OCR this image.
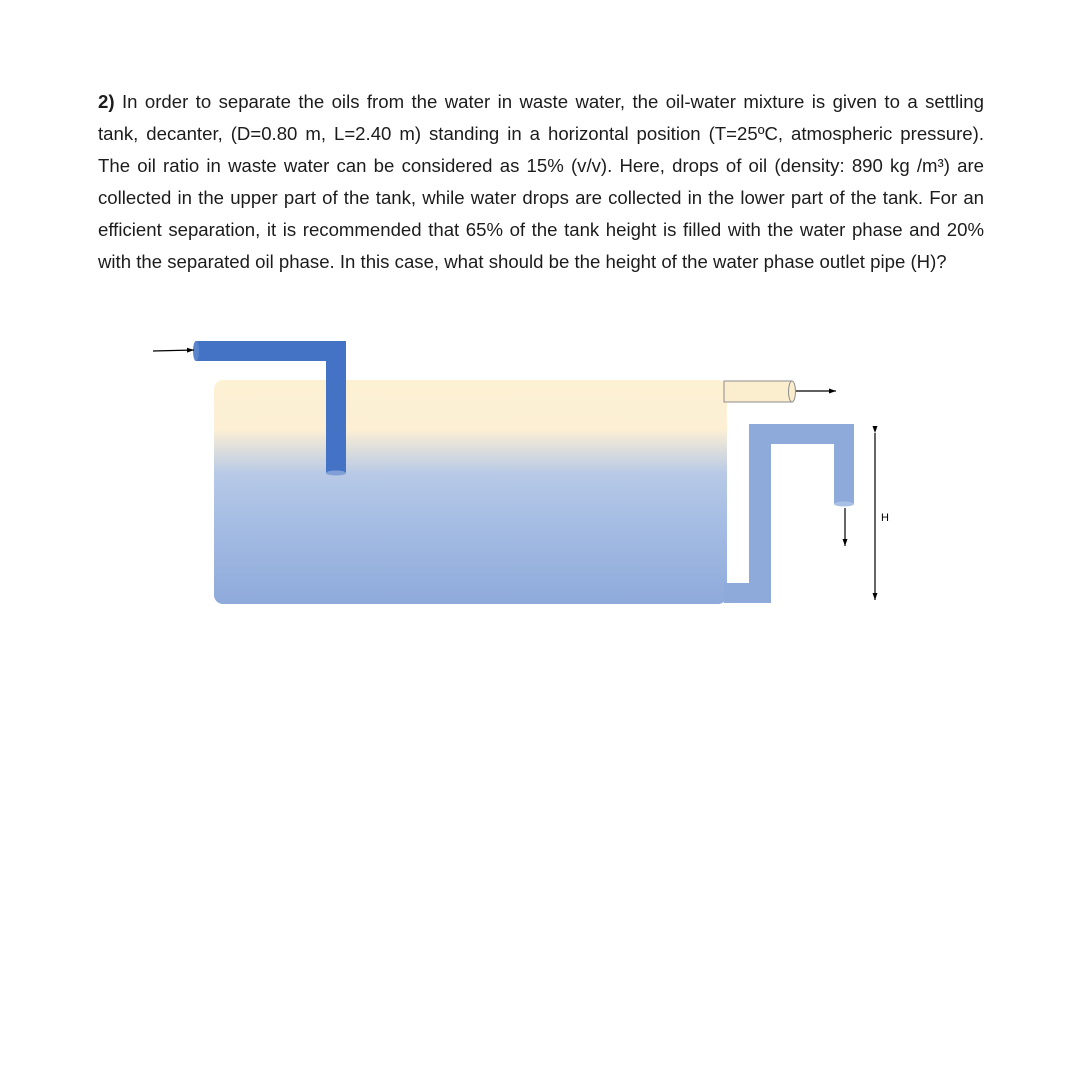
2) In order to separate the oils from the water in waste water, the oil-water mixture is given to a settling tank, decanter, (D=0.80 m, L=2.40 m) standing in a horizontal position (T=25ºC, atmospheric pressure). The oil ratio in waste water can be considered as 15% (v/v). Here, drops of oil (density: 890 kg /m³) are collected in the upper part of the tank, while water drops are collected in the lower part of the tank. For an efficient separation, it is recommended that 65% of the tank height is filled with the water phase and 20% with the separated oil phase. In this case, what should be the height of the water phase outlet pipe (H)?
H
